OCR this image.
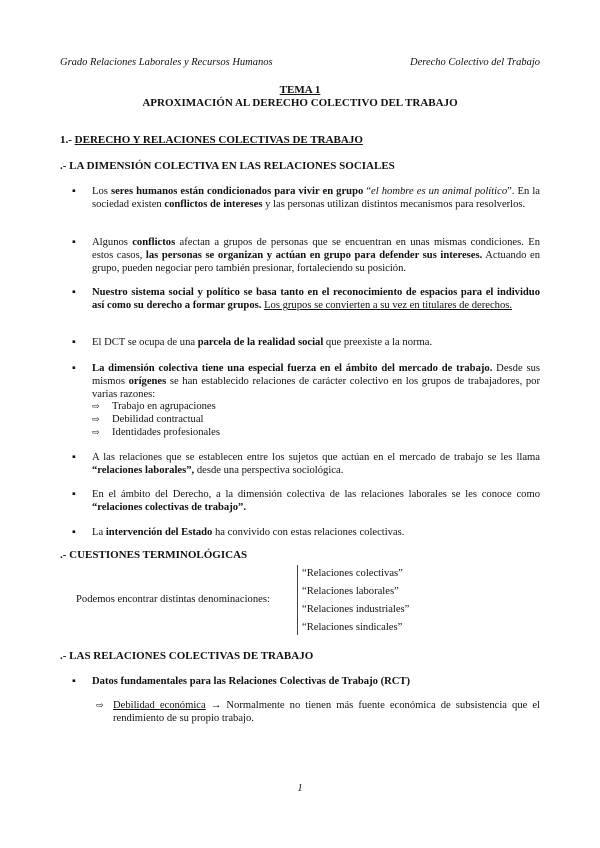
Grado Relaciones Laborales y Recursos Humanos	Derecho Colectivo del Trabajo
TEMA 1
APROXIMACIÓN AL DERECHO COLECTIVO DEL TRABAJO
1.- DERECHO Y RELACIONES COLECTIVAS DE TRABAJO
.- LA DIMENSIÓN COLECTIVA EN LAS RELACIONES SOCIALES
▪ Los seres humanos están condicionados para vivir en grupo “el hombre es un animal político”. En la sociedad existen conflictos de intereses y las personas utilizan distintos mecanismos para resolverlos.
▪ Algunos conflictos afectan a grupos de personas que se encuentran en unas mismas condiciones. En estos casos, las personas se organizan y actúan en grupo para defender sus intereses. Actuando en grupo, pueden negociar pero también presionar, fortaleciendo su posición.
▪ Nuestro sistema social y político se basa tanto en el reconocimiento de espacios para el individuo así como su derecho a formar grupos. Los grupos se convierten a su vez en titulares de derechos.
▪ El DCT se ocupa de una parcela de la realidad social que preexiste a la norma.
▪ La dimensión colectiva tiene una especial fuerza en el ámbito del mercado de trabajo. Desde sus mismos orígenes se han establecido relaciones de carácter colectivo en los grupos de trabajadores, por varias razones:
⇨ Trabajo en agrupaciones
⇨ Debilidad contractual
⇨ Identidades profesionales
▪ A las relaciones que se establecen entre los sujetos que actúan en el mercado de trabajo se les llama “relaciones laborales”, desde una perspectiva sociológica.
▪ En el ámbito del Derecho, a la dimensión colectiva de las relaciones laborales se les conoce como “relaciones colectivas de trabajo”.
▪ La intervención del Estado ha convivido con estas relaciones colectivas.
.- CUESTIONES TERMINOLÓGICAS
Podemos encontrar distintas denominaciones:
“Relaciones colectivas”
“Relaciones laborales”
“Relaciones industriales”
“Relaciones sindicales”
.- LAS RELACIONES COLECTIVAS DE TRABAJO
▪ Datos fundamentales para las Relaciones Colectivas de Trabajo (RCT)
⇨ Debilidad económica → Normalmente no tienen más fuente económica de subsistencia que el rendimiento de su propio trabajo.
1
